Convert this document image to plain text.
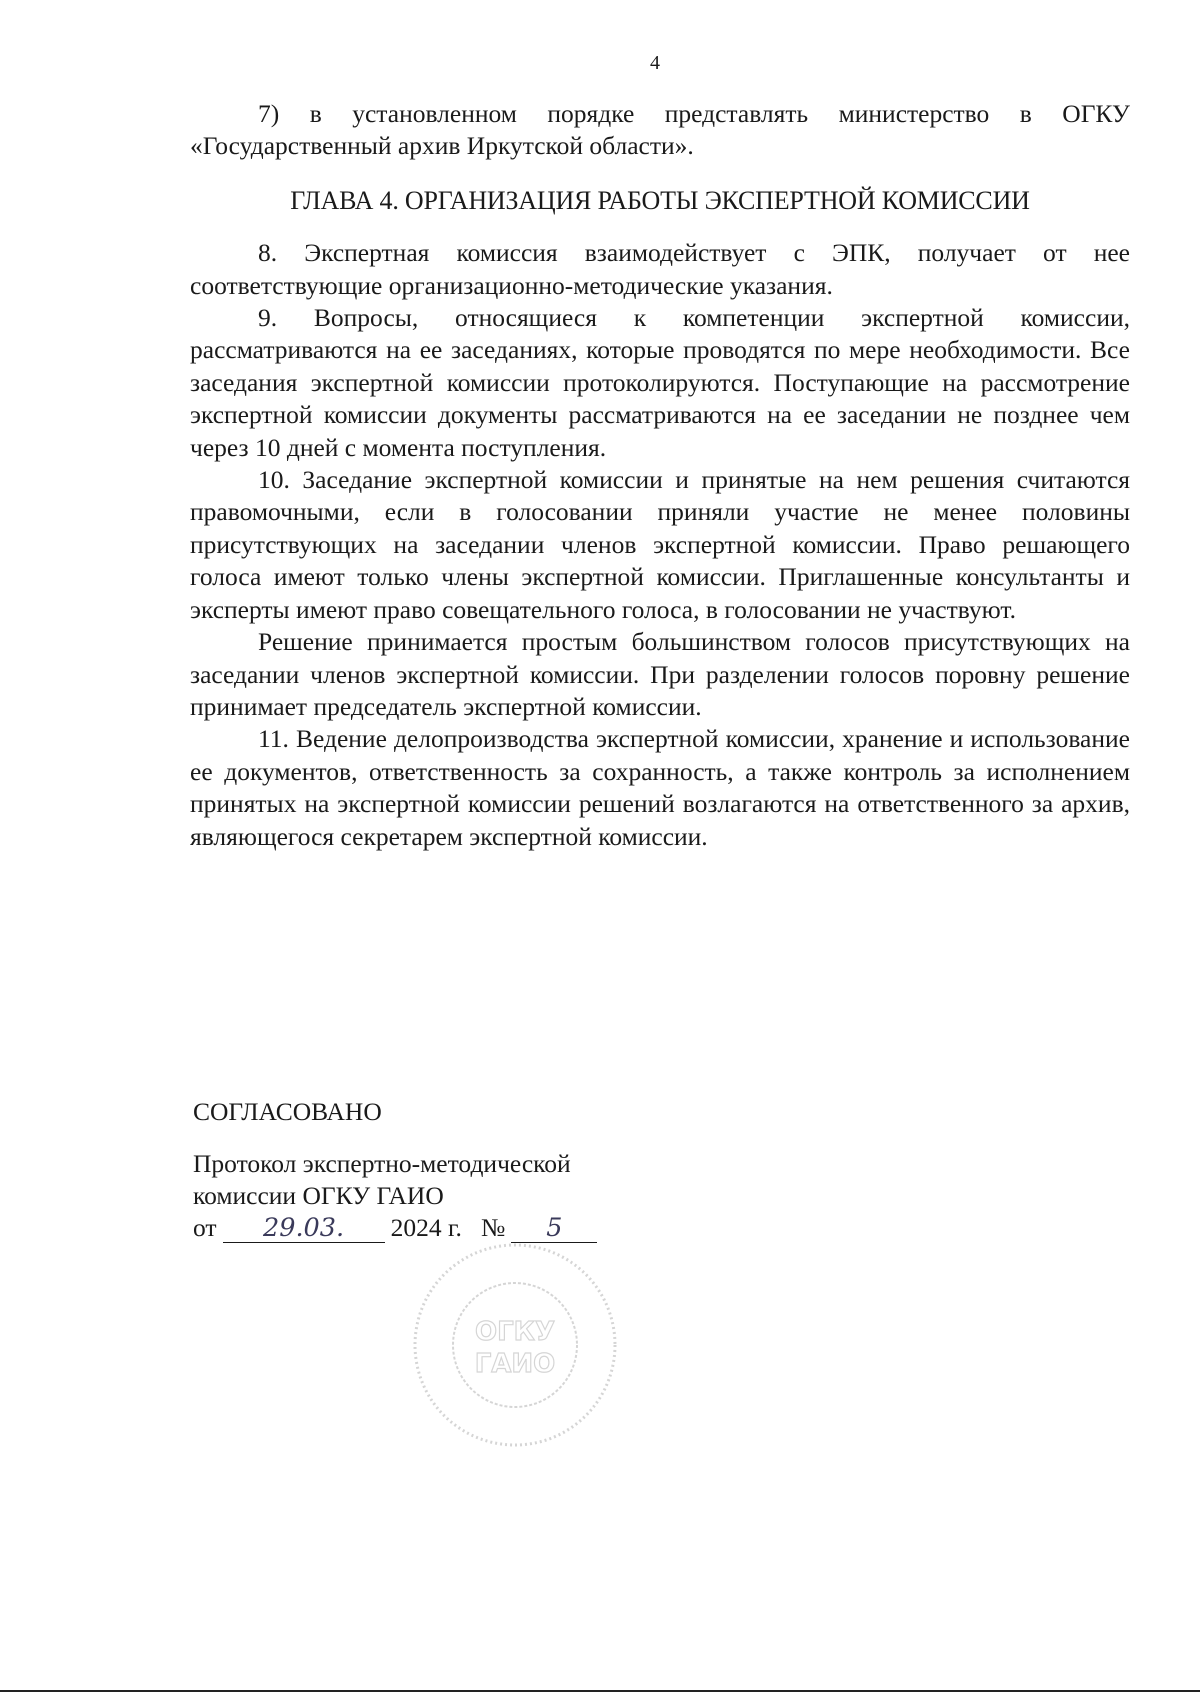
4

7) в установленном порядке представлять министерство в ОГКУ «Государственный архив Иркутской области».

ГЛАВА 4. ОРГАНИЗАЦИЯ РАБОТЫ ЭКСПЕРТНОЙ КОМИССИИ

8. Экспертная комиссия взаимодействует с ЭПК, получает от нее соответствующие организационно-методические указания.

9. Вопросы, относящиеся к компетенции экспертной комиссии, рассматриваются на ее заседаниях, которые проводятся по мере необходимости. Все заседания экспертной комиссии протоколируются. Поступающие на рассмотрение экспертной комиссии документы рассматриваются на ее заседании не позднее чем через 10 дней с момента поступления.

10. Заседание экспертной комиссии и принятые на нем решения считаются правомочными, если в голосовании приняли участие не менее половины присутствующих на заседании членов экспертной комиссии. Право решающего голоса имеют только члены экспертной комиссии. Приглашенные консультанты и эксперты имеют право совещательного голоса, в голосовании не участвуют.

Решение принимается простым большинством голосов присутствующих на заседании членов экспертной комиссии. При разделении голосов поровну решение принимает председатель экспертной комиссии.

11. Ведение делопроизводства экспертной комиссии, хранение и использование ее документов, ответственность за сохранность, а также контроль за исполнением принятых на экспертной комиссии решений возлагаются на ответственного за архив, являющегося секретарем экспертной комиссии.

СОГЛАСОВАНО

Протокол экспертно-методической

комиссии ОГКУ ГАИО

от 29.03. 2024 г. № 5

ОГКУ
ГАИО
